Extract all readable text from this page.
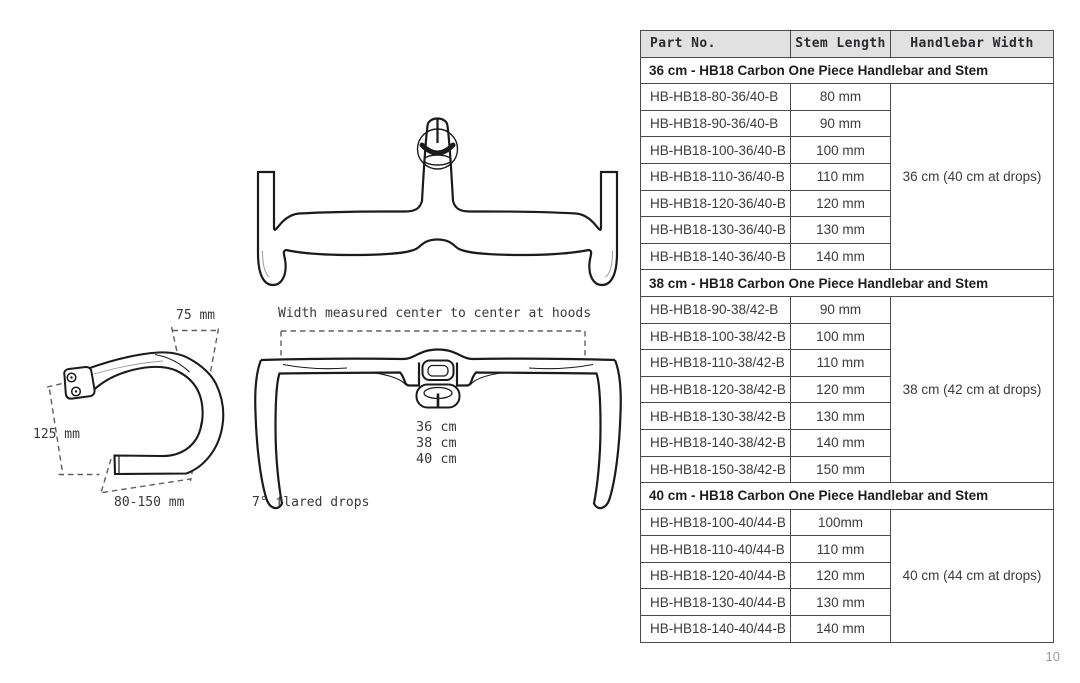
75 mm
125 mm
80-150 mm	7° flared drops
Width measured center to center at hoods
36 cm
38 cm
40 cm
Part No.	Stem Length	Handlebar Width
36 cm - HB18 Carbon One Piece Handlebar and Stem		
HB-HB18-80-36/40-B	80 mm	36 cm (40 cm at drops)
HB-HB18-90-36/40-B	90 mm	
HB-HB18-100-36/40-B	100 mm	
HB-HB18-110-36/40-B	110 mm	
HB-HB18-120-36/40-B	120 mm	
HB-HB18-130-36/40-B	130 mm	
HB-HB18-140-36/40-B	140 mm	
38 cm - HB18 Carbon One Piece Handlebar and Stem		
HB-HB18-90-38/42-B	90 mm	38 cm (42 cm at drops)
HB-HB18-100-38/42-B	100 mm	
HB-HB18-110-38/42-B	110 mm	
HB-HB18-120-38/42-B	120 mm	
HB-HB18-130-38/42-B	130 mm	
HB-HB18-140-38/42-B	140 mm	
HB-HB18-150-38/42-B	150 mm	
40 cm - HB18 Carbon One Piece Handlebar and Stem		
HB-HB18-100-40/44-B	100mm	40 cm (44 cm at drops)
HB-HB18-110-40/44-B	110 mm	
HB-HB18-120-40/44-B	120 mm	
HB-HB18-130-40/44-B	130 mm	
HB-HB18-140-40/44-B	140 mm	
10
